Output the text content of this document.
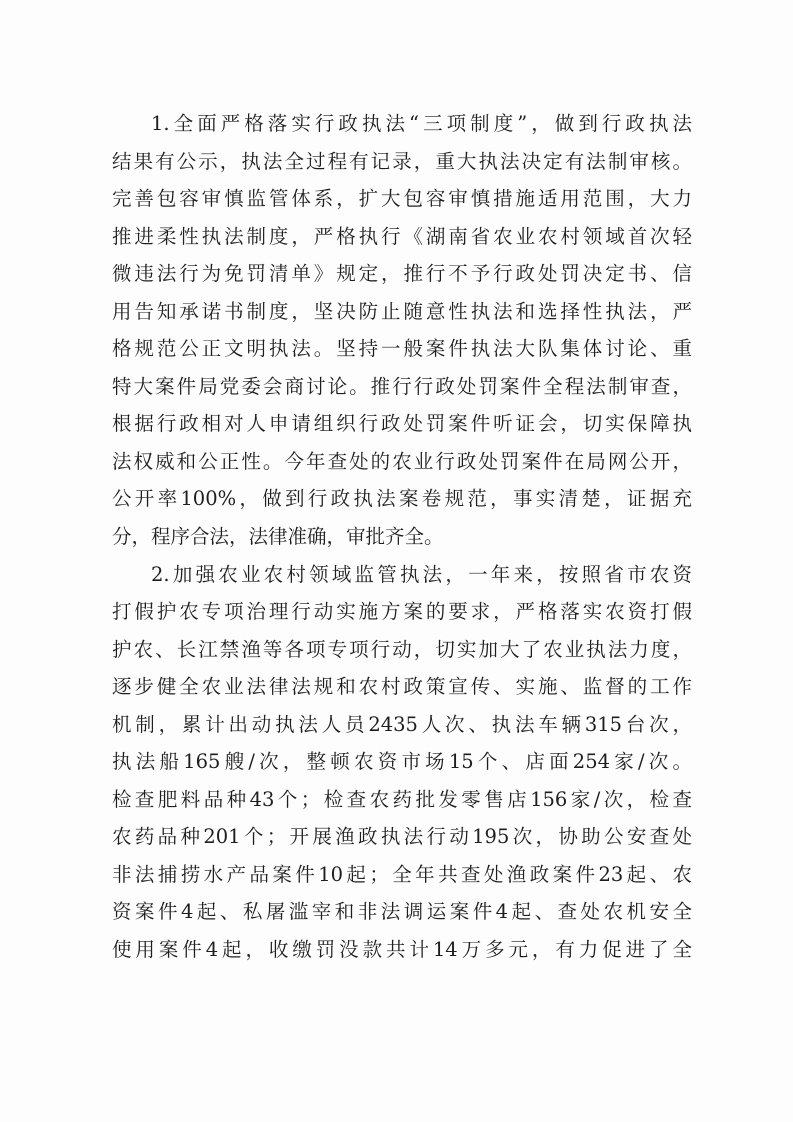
1.全面严格落实行政执法“三项制度”，做到行政执法
结果有公示，执法全过程有记录，重大执法决定有法制审核。
完善包容审慎监管体系，扩大包容审慎措施适用范围，大力
推进柔性执法制度，严格执行《湖南省农业农村领域首次轻
微违法行为免罚清单》规定，推行不予行政处罚决定书、信
用告知承诺书制度，坚决防止随意性执法和选择性执法，严
格规范公正文明执法。坚持一般案件执法大队集体讨论、重
特大案件局党委会商讨论。推行行政处罚案件全程法制审查，
根据行政相对人申请组织行政处罚案件听证会，切实保障执
法权威和公正性。今年查处的农业行政处罚案件在局网公开，
公开率100%，做到行政执法案卷规范，事实清楚，证据充
分，程序合法，法律准确，审批齐全。
2.加强农业农村领域监管执法，一年来，按照省市农资
打假护农专项治理行动实施方案的要求，严格落实农资打假
护农、长江禁渔等各项专项行动，切实加大了农业执法力度，
逐步健全农业法律法规和农村政策宣传、实施、监督的工作
机制，累计出动执法人员2435人次、执法车辆315台次，
执法船165艘/次，整顿农资市场15个、店面254家/次。
检查肥料品种43个；检查农药批发零售店156家/次，检查
农药品种201个；开展渔政执法行动195次，协助公安查处
非法捕捞水产品案件10起；全年共查处渔政案件23起、农
资案件4起、私屠滥宰和非法调运案件4起、查处农机安全
使用案件4起，收缴罚没款共计14万多元，有力促进了全
